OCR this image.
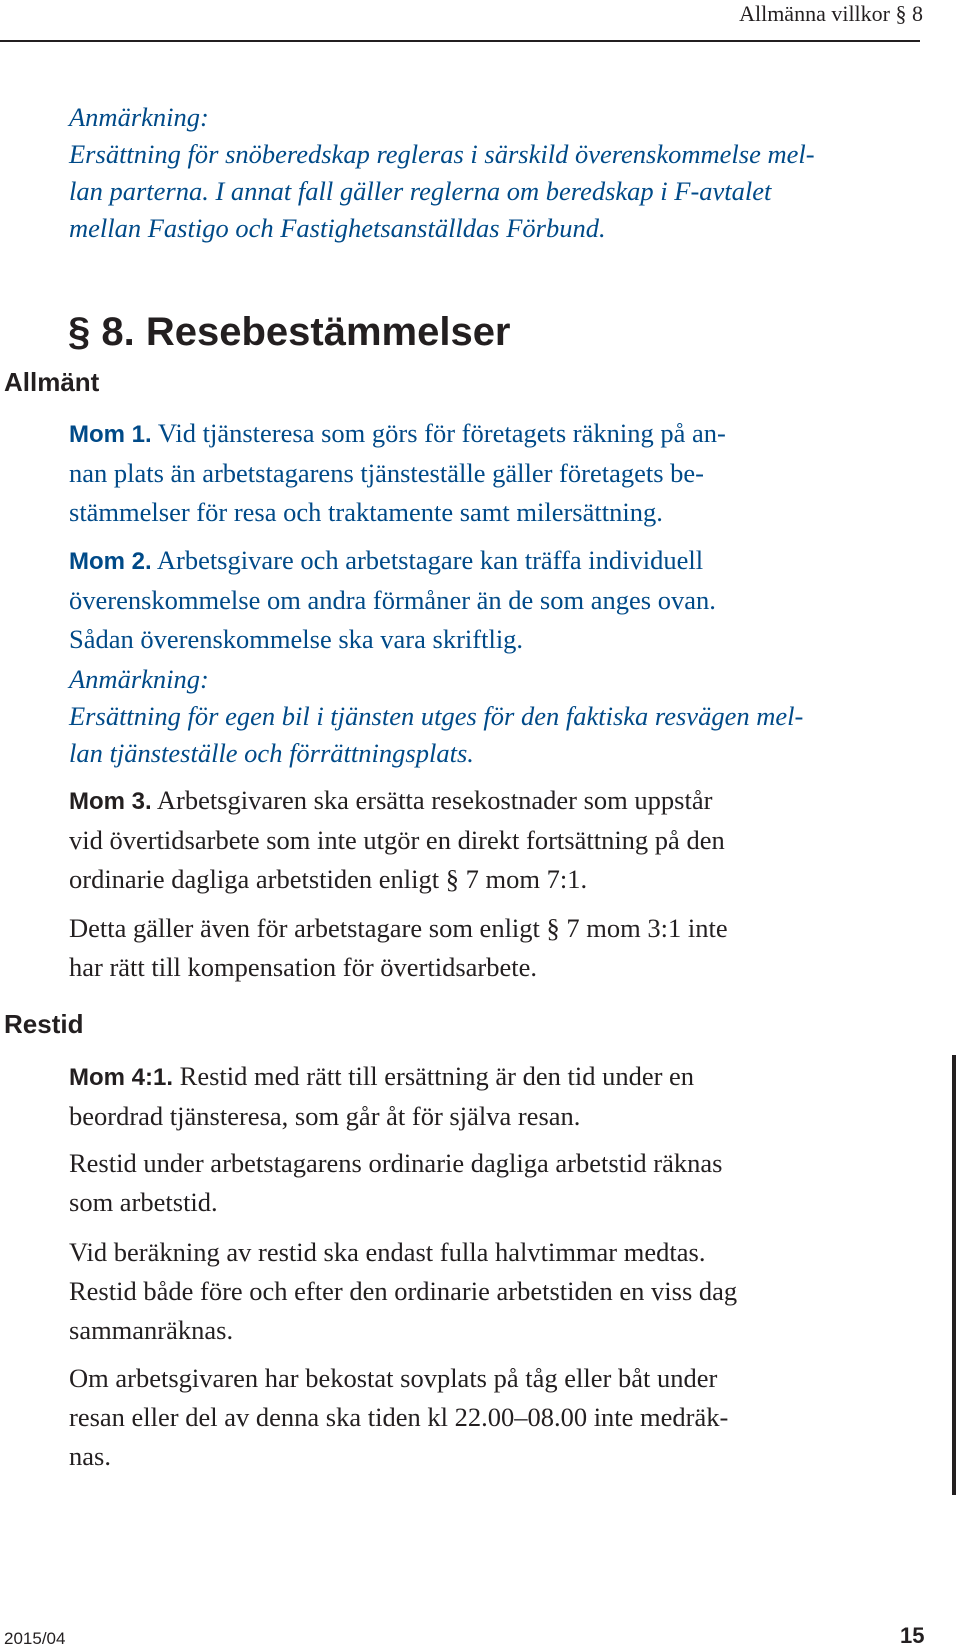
Allmänna villkor § 8
Anmärkning:
Ersättning för snöberedskap regleras i särskild överenskommelse mel-
lan parterna. I annat fall gäller reglerna om beredskap i F-avtalet
mellan Fastigo och Fastighetsanställdas Förbund.
§ 8. Resebestämmelser
Allmänt
Restid
Mom 1. Vid tjänsteresa som görs för företagets räkning på an-
nan plats än arbetstagarens tjänsteställe gäller företagets be-
stämmelser för resa och traktamente samt milersättning.
Mom 2. Arbetsgivare och arbetstagare kan träffa individuell
överenskommelse om andra förmåner än de som anges ovan.
Sådan överenskommelse ska vara skriftlig.
Anmärkning:
Ersättning för egen bil i tjänsten utges för den faktiska resvägen mel-
lan tjänsteställe och förrättningsplats.
Mom 3. Arbetsgivaren ska ersätta resekostnader som uppstår
vid övertidsarbete som inte utgör en direkt fortsättning på den
ordinarie dagliga arbetstiden enligt § 7 mom 7:1.
Detta gäller även för arbetstagare som enligt § 7 mom 3:1 inte
har rätt till kompensation för övertidsarbete.
Mom 4:1. Restid med rätt till ersättning är den tid under en
beordrad tjänsteresa, som går åt för själva resan.
Restid under arbetstagarens ordinarie dagliga arbetstid räknas
som arbetstid.
Vid beräkning av restid ska endast fulla halvtimmar medtas.
Restid både före och efter den ordinarie arbetstiden en viss dag
sammanräknas.
Om arbetsgivaren har bekostat sovplats på tåg eller båt under
resan eller del av denna ska tiden kl 22.00–08.00 inte medräk-
nas.
2015/04	15
